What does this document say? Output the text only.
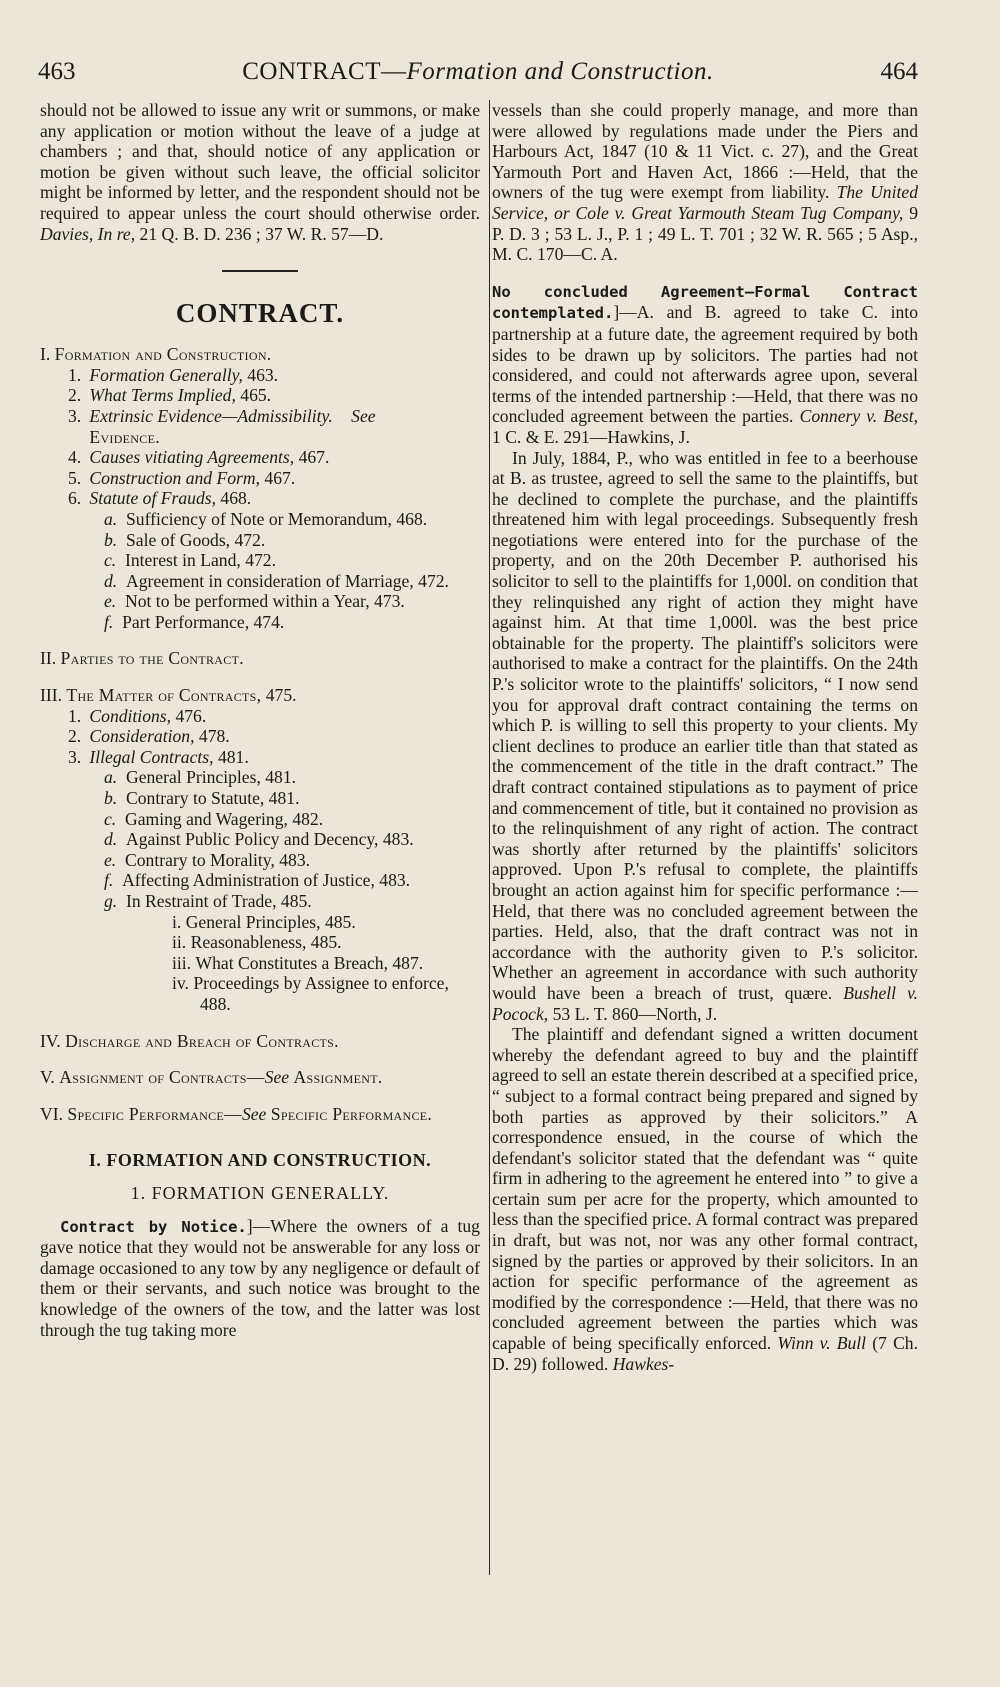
463	CONTRACT—Formation and Construction.	464

should not be allowed to issue any writ or summons, or make any application or motion without the leave of a judge at chambers ; and that, should notice of any application or motion be given without such leave, the official solicitor might be informed by letter, and the respondent should not be required to appear unless the court should otherwise order. Davies, In re, 21 Q. B. D. 236 ; 37 W. R. 57—D.

CONTRACT.

I. Formation and Construction.

1. Formation Generally, 463.

2. What Terms Implied, 465.

3. Extrinsic Evidence—Admissibility. See

Evidence.

4. Causes vitiating Agreements, 467.

5. Construction and Form, 467.

6. Statute of Frauds, 468.

a. Sufficiency of Note or Memorandum, 468.

b. Sale of Goods, 472.

c. Interest in Land, 472.

d. Agreement in consideration of Marriage, 472.

e. Not to be performed within a Year, 473.

f. Part Performance, 474.

II. Parties to the Contract.

III. The Matter of Contracts, 475.

1. Conditions, 476.

2. Consideration, 478.

3. Illegal Contracts, 481.

a. General Principles, 481.

b. Contrary to Statute, 481.

c. Gaming and Wagering, 482.

d. Against Public Policy and Decency, 483.

e. Contrary to Morality, 483.

f. Affecting Administration of Justice, 483.

g. In Restraint of Trade, 485.

i. General Principles, 485.

ii. Reasonableness, 485.

iii. What Constitutes a Breach, 487.

iv. Proceedings by Assignee to enforce, 488.

IV. Discharge and Breach of Contracts.

V. Assignment of Contracts—See Assignment.

VI. Specific Performance—See Specific Performance.

I. FORMATION AND CONSTRUCTION.

1. FORMATION GENERALLY.

Contract by Notice.]—Where the owners of a tug gave notice that they would not be answerable for any loss or damage occasioned to any tow by any negligence or default of them or their servants, and such notice was brought to the knowledge of the owners of the tow, and the latter was lost through the tug taking more

vessels than she could properly manage, and more than were allowed by regulations made under the Piers and Harbours Act, 1847 (10 & 11 Vict. c. 27), and the Great Yarmouth Port and Haven Act, 1866 :—Held, that the owners of the tug were exempt from liability. The United Service, or Cole v. Great Yarmouth Steam Tug Company, 9 P. D. 3 ; 53 L. J., P. 1 ; 49 L. T. 701 ; 32 W. R. 565 ; 5 Asp., M. C. 170—C. A.

No concluded Agreement—Formal Contract contemplated.]—A. and B. agreed to take C. into partnership at a future date, the agreement required by both sides to be drawn up by solicitors. The parties had not considered, and could not afterwards agree upon, several terms of the intended partnership :—Held, that there was no concluded agreement between the parties. Connery v. Best, 1 C. & E. 291—Hawkins, J.

In July, 1884, P., who was entitled in fee to a beerhouse at B. as trustee, agreed to sell the same to the plaintiffs, but he declined to complete the purchase, and the plaintiffs threatened him with legal proceedings. Subsequently fresh negotiations were entered into for the purchase of the property, and on the 20th December P. authorised his solicitor to sell to the plaintiffs for 1,000l. on condition that they relinquished any right of action they might have against him. At that time 1,000l. was the best price obtainable for the property. The plaintiff's solicitors were authorised to make a contract for the plaintiffs. On the 24th P.'s solicitor wrote to the plaintiffs' solicitors, “ I now send you for approval draft contract containing the terms on which P. is willing to sell this property to your clients. My client declines to produce an earlier title than that stated as the commencement of the title in the draft contract.” The draft contract contained stipulations as to payment of price and commencement of title, but it contained no provision as to the relinquishment of any right of action. The contract was shortly after returned by the plaintiffs' solicitors approved. Upon P.'s refusal to complete, the plaintiffs brought an action against him for specific performance :—Held, that there was no concluded agreement between the parties. Held, also, that the draft contract was not in accordance with the authority given to P.'s solicitor. Whether an agreement in accordance with such authority would have been a breach of trust, quære. Bushell v. Pocock, 53 L. T. 860—North, J.

The plaintiff and defendant signed a written document whereby the defendant agreed to buy and the plaintiff agreed to sell an estate therein described at a specified price, “ subject to a formal contract being prepared and signed by both parties as approved by their solicitors.” A correspondence ensued, in the course of which the defendant's solicitor stated that the defendant was “ quite firm in adhering to the agreement he entered into ” to give a certain sum per acre for the property, which amounted to less than the specified price. A formal contract was prepared in draft, but was not, nor was any other formal contract, signed by the parties or approved by their solicitors. In an action for specific performance of the agreement as modified by the correspondence :—Held, that there was no concluded agreement between the parties which was capable of being specifically enforced. Winn v. Bull (7 Ch. D. 29) followed. Hawkes-
